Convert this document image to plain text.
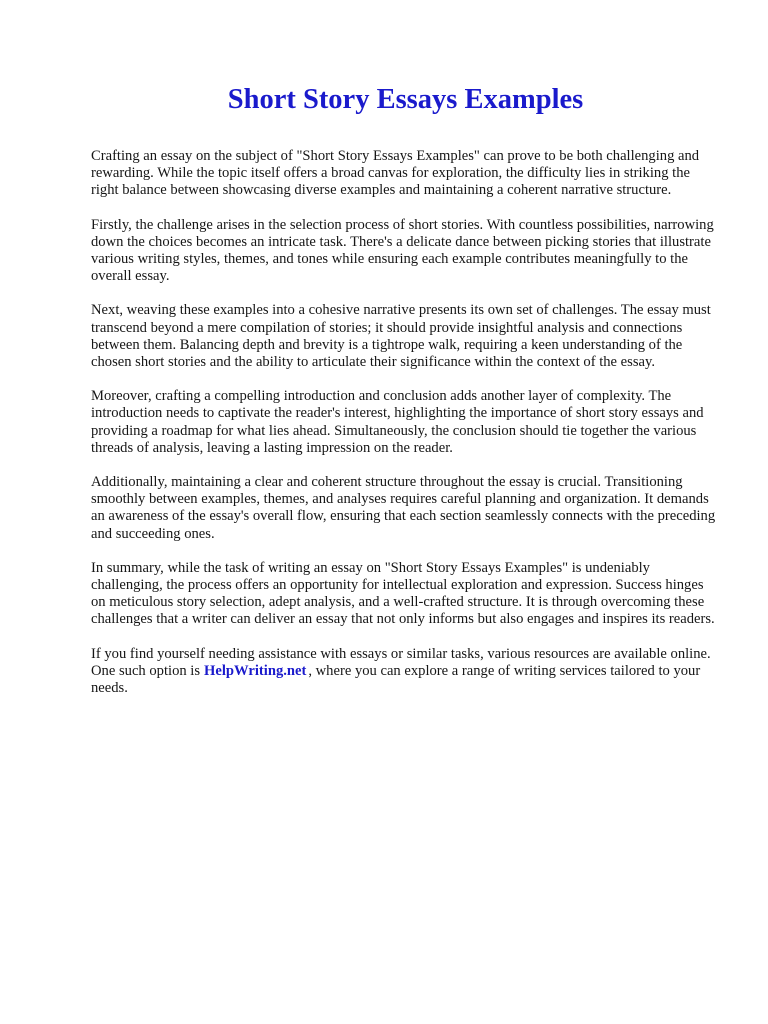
Short Story Essays Examples

Crafting an essay on the subject of "Short Story Essays Examples" can prove to be both challenging and rewarding. While the topic itself offers a broad canvas for exploration, the difficulty lies in striking the right balance between showcasing diverse examples and maintaining a coherent narrative structure.

Firstly, the challenge arises in the selection process of short stories. With countless possibilities, narrowing down the choices becomes an intricate task. There's a delicate dance between picking stories that illustrate various writing styles, themes, and tones while ensuring each example contributes meaningfully to the overall essay.

Next, weaving these examples into a cohesive narrative presents its own set of challenges. The essay must transcend beyond a mere compilation of stories; it should provide insightful analysis and connections between them. Balancing depth and brevity is a tightrope walk, requiring a keen understanding of the chosen short stories and the ability to articulate their significance within the context of the essay.

Moreover, crafting a compelling introduction and conclusion adds another layer of complexity. The introduction needs to captivate the reader's interest, highlighting the importance of short story essays and providing a roadmap for what lies ahead. Simultaneously, the conclusion should tie together the various threads of analysis, leaving a lasting impression on the reader.

Additionally, maintaining a clear and coherent structure throughout the essay is crucial. Transitioning smoothly between examples, themes, and analyses requires careful planning and organization. It demands an awareness of the essay's overall flow, ensuring that each section seamlessly connects with the preceding and succeeding ones.

In summary, while the task of writing an essay on "Short Story Essays Examples" is undeniably challenging, the process offers an opportunity for intellectual exploration and expression. Success hinges on meticulous story selection, adept analysis, and a well-crafted structure. It is through overcoming these challenges that a writer can deliver an essay that not only informs but also engages and inspires its readers.

If you find yourself needing assistance with essays or similar tasks, various resources are available online. One such option is HelpWriting.net , where you can explore a range of writing services tailored to your needs.
